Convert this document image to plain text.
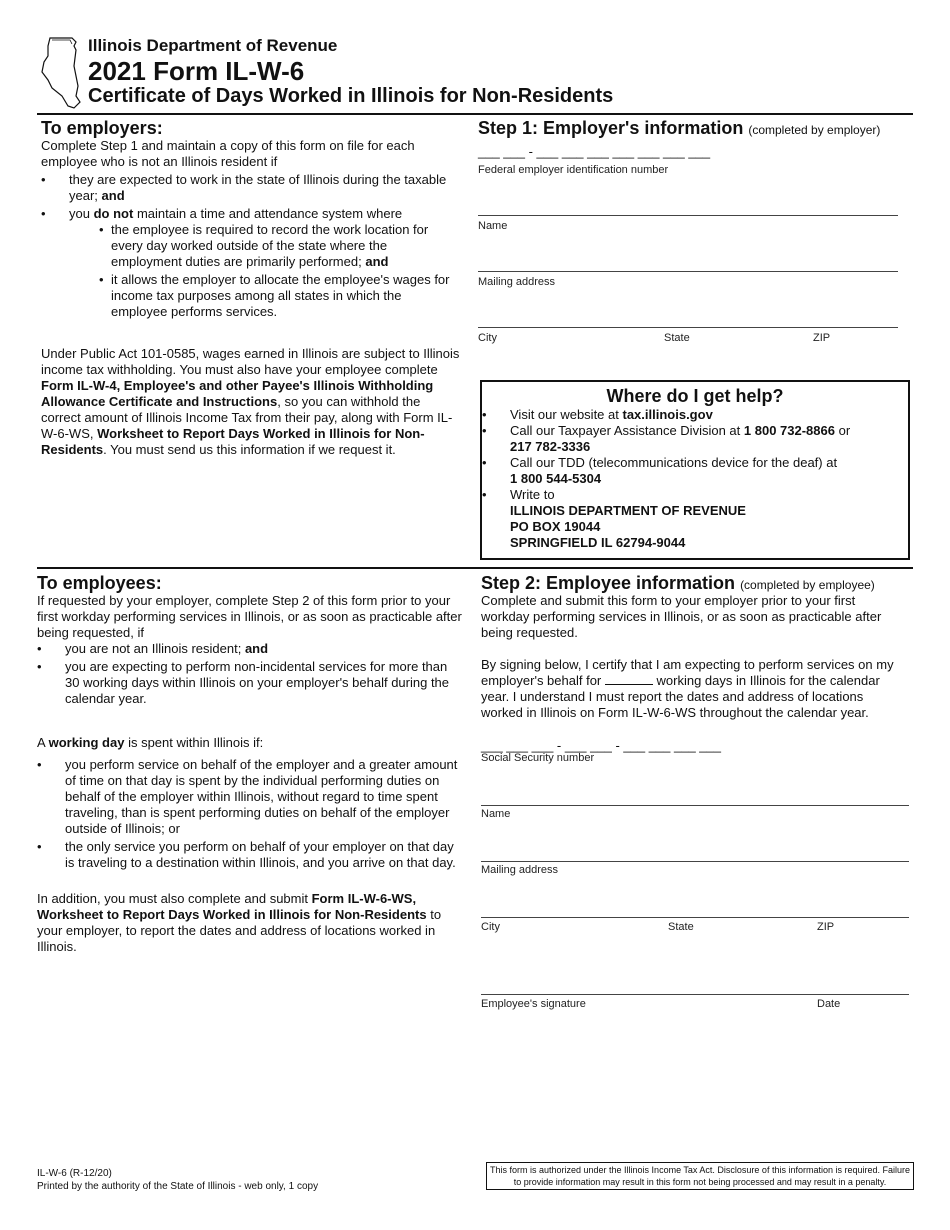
Illinois Department of Revenue
2021 Form IL-W-6
Certificate of Days Worked in Illinois for Non-Residents
To employers:
Complete Step 1 and maintain a copy of this form on file for each employee who is not an Illinois resident if
• they are expected to work in the state of Illinois during the taxable year; and
• you do not maintain a time and attendance system where
• the employee is required to record the work location for every day worked outside of the state where the employment duties are primarily performed; and
• it allows the employer to allocate the employee's wages for income tax purposes among all states in which the employee performs services.
Under Public Act 101-0585, wages earned in Illinois are subject to Illinois income tax withholding. You must also have your employee complete Form IL-W-4, Employee's and other Payee's Illinois Withholding Allowance Certificate and Instructions, so you can withhold the correct amount of Illinois Income Tax from their pay, along with Form IL-W-6-WS, Worksheet to Report Days Worked in Illinois for Non-Residents. You must send us this information if we request it.
Step 1: Employer's information (completed by employer)
___ ___ - ___ ___ ___ ___ ___ ___ ___
Federal employer identification number
Name
Mailing address
City	State	ZIP
Where do I get help?
• Visit our website at tax.illinois.gov
• Call our Taxpayer Assistance Division at 1 800 732-8866 or
217 782-3336
• Call our TDD (telecommunications device for the deaf) at
1 800 544-5304
• Write to
ILLINOIS DEPARTMENT OF REVENUE
PO BOX 19044
SPRINGFIELD IL 62794-9044
To employees:
If requested by your employer, complete Step 2 of this form prior to your first workday performing services in Illinois, or as soon as practicable after being requested, if
• you are not an Illinois resident; and
• you are expecting to perform non-incidental services for more than 30 working days within Illinois on your employer's behalf during the calendar year.
A working day is spent within Illinois if:
• you perform service on behalf of the employer and a greater amount of time on that day is spent by the individual performing duties on behalf of the employer within Illinois, without regard to time spent traveling, than is spent performing duties on behalf of the employer outside of Illinois; or
• the only service you perform on behalf of your employer on that day is traveling to a destination within Illinois, and you arrive on that day.
In addition, you must also complete and submit Form IL-W-6-WS, Worksheet to Report Days Worked in Illinois for Non-Residents to your employer, to report the dates and address of locations worked in Illinois.
Step 2: Employee information (completed by employee)
Complete and submit this form to your employer prior to your first workday performing services in Illinois, or as soon as practicable after being requested.
By signing below, I certify that I am expecting to perform services on my employer's behalf for	working days in Illinois for the calendar year. I understand I must report the dates and address of locations worked in Illinois on Form IL-W-6-WS throughout the calendar year.
___ ___ ___ - ___ ___ - ___ ___ ___ ___
Social Security number
Name
Mailing address
City	State	ZIP
Employee's signature	Date
IL-W-6 (R-12/20)
Printed by the authority of the State of Illinois - web only, 1 copy
This form is authorized under the Illinois Income Tax Act. Disclosure of this information is required. Failure to provide information may result in this form not being processed and may result in a penalty.
